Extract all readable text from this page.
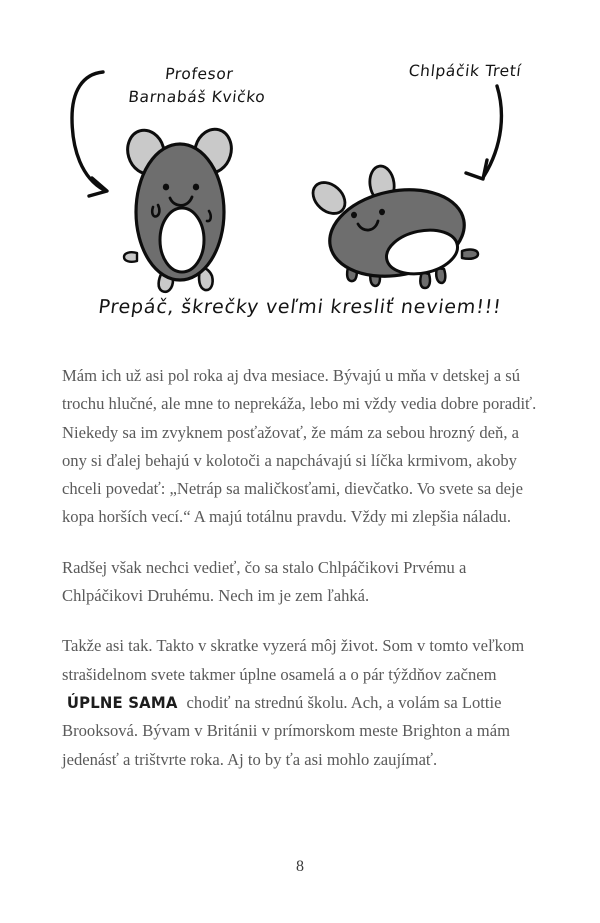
Profesor
Barnabáš Kvičko
Chlpáčik Tretí
Prepáč, škrečky veľmi kresliť neviem!!!

Mám ich už asi pol roka aj dva mesiace. Bývajú u mňa v detskej a sú trochu hlučné, ale mne to neprekáža, lebo mi vždy vedia dobre poradiť. Niekedy sa im zvyknem posťažovať, že mám za sebou hrozný deň, a ony si ďalej behajú v kolotoči a napchávajú si líčka krmivom, akoby chceli povedať: „Netráp sa maličkosťami, dievčatko. Vo svete sa deje kopa horších vecí.“ A majú totálnu pravdu. Vždy mi zlepšia náladu.

Radšej však nechci vedieť, čo sa stalo Chlpáčikovi Prvému a Chlpáčikovi Druhému. Nech im je zem ľahká.

Takže asi tak. Takto v skratke vyzerá môj život. Som v tomto veľkom strašidelnom svete takmer úplne osamelá a o pár týždňov začnem ÚPLNE SAMA chodiť na strednú školu. Ach, a volám sa Lottie Brooksová. Bývam v Británii v prímorskom meste Brighton a mám jedenásť a trištvrte roka. Aj to by ťa asi mohlo zaujímať.

8
